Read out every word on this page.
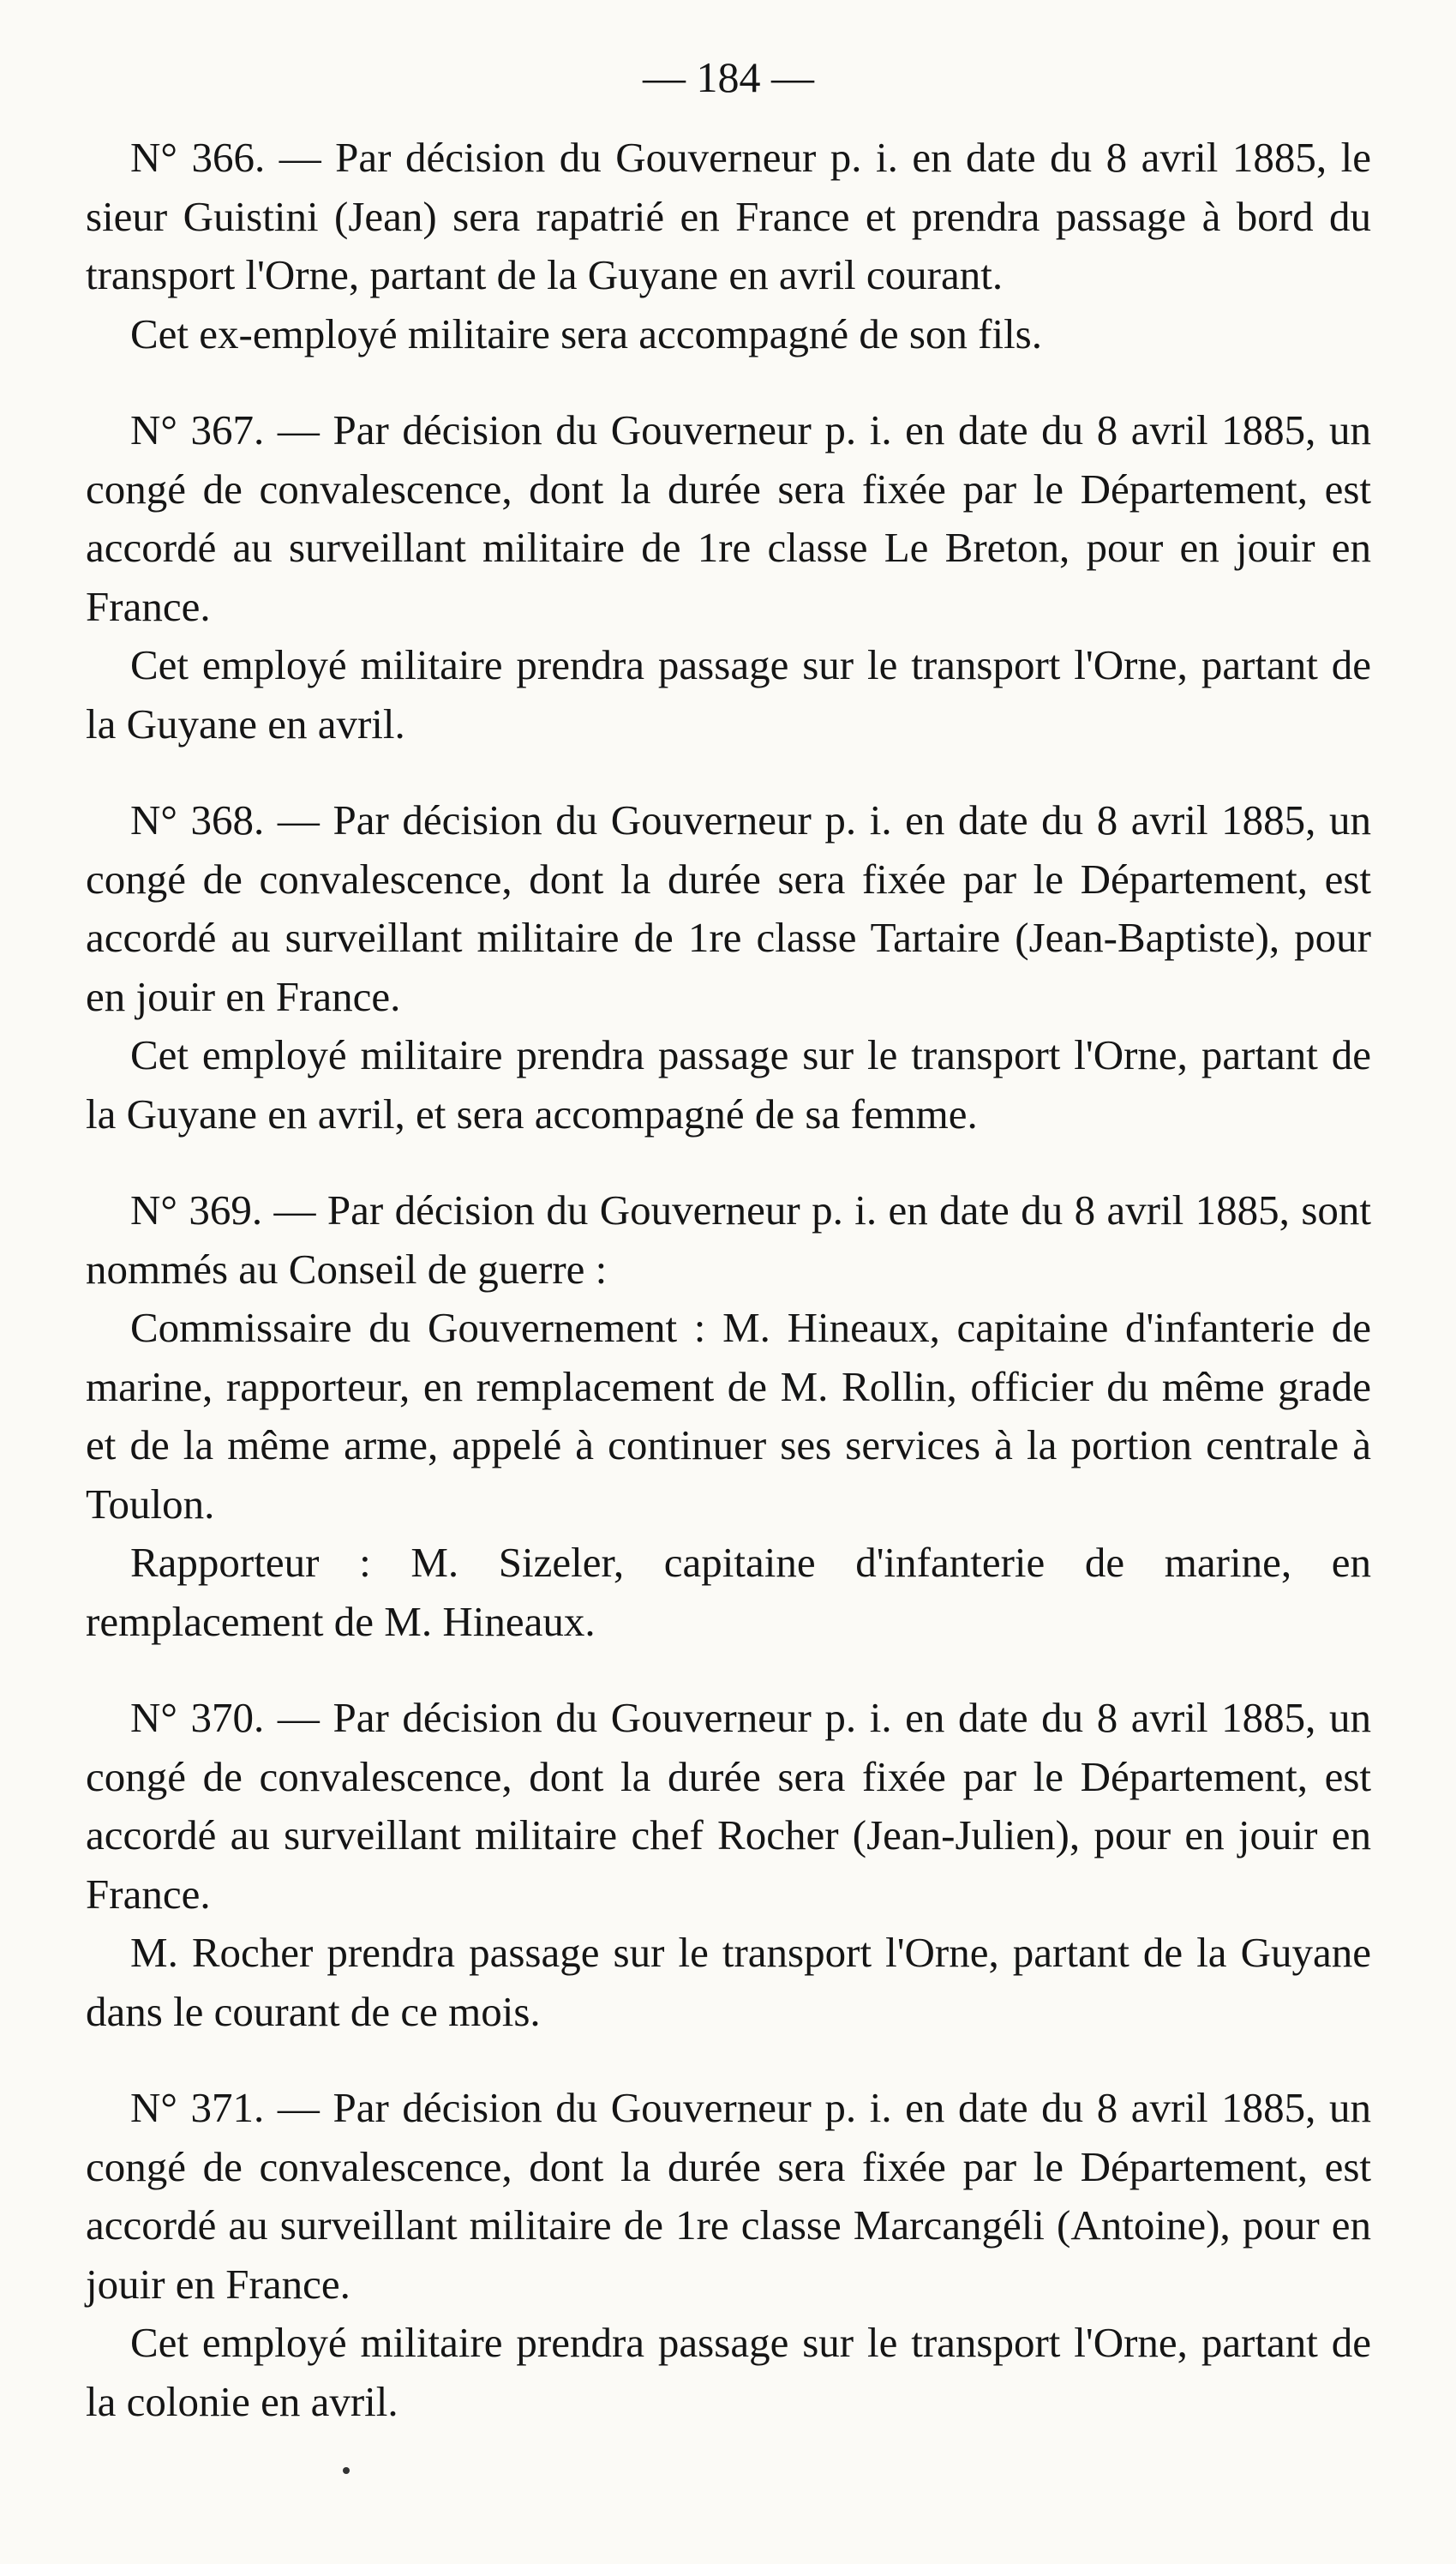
— 184 —

N° 366. — Par décision du Gouverneur p. i. en date du 8 avril 1885, le sieur Guistini (Jean) sera rapatrié en France et prendra passage à bord du transport l'Orne, partant de la Guyane en avril courant.

Cet ex-employé militaire sera accompagné de son fils.

N° 367. — Par décision du Gouverneur p. i. en date du 8 avril 1885, un congé de convalescence, dont la durée sera fixée par le Département, est accordé au surveillant militaire de 1re classe Le Breton, pour en jouir en France.

Cet employé militaire prendra passage sur le transport l'Orne, partant de la Guyane en avril.

N° 368. — Par décision du Gouverneur p. i. en date du 8 avril 1885, un congé de convalescence, dont la durée sera fixée par le Département, est accordé au surveillant militaire de 1re classe Tartaire (Jean-Baptiste), pour en jouir en France.

Cet employé militaire prendra passage sur le transport l'Orne, partant de la Guyane en avril, et sera accompagné de sa femme.

N° 369. — Par décision du Gouverneur p. i. en date du 8 avril 1885, sont nommés au Conseil de guerre :

Commissaire du Gouvernement : M. Hineaux, capitaine d'infanterie de marine, rapporteur, en remplacement de M. Rollin, officier du même grade et de la même arme, appelé à continuer ses services à la portion centrale à Toulon.

Rapporteur : M. Sizeler, capitaine d'infanterie de marine, en remplacement de M. Hineaux.

N° 370. — Par décision du Gouverneur p. i. en date du 8 avril 1885, un congé de convalescence, dont la durée sera fixée par le Département, est accordé au surveillant militaire chef Rocher (Jean-Julien), pour en jouir en France.

M. Rocher prendra passage sur le transport l'Orne, partant de la Guyane dans le courant de ce mois.

N° 371. — Par décision du Gouverneur p. i. en date du 8 avril 1885, un congé de convalescence, dont la durée sera fixée par le Département, est accordé au surveillant militaire de 1re classe Marcangéli (Antoine), pour en jouir en France.

Cet employé militaire prendra passage sur le transport l'Orne, partant de la colonie en avril.
